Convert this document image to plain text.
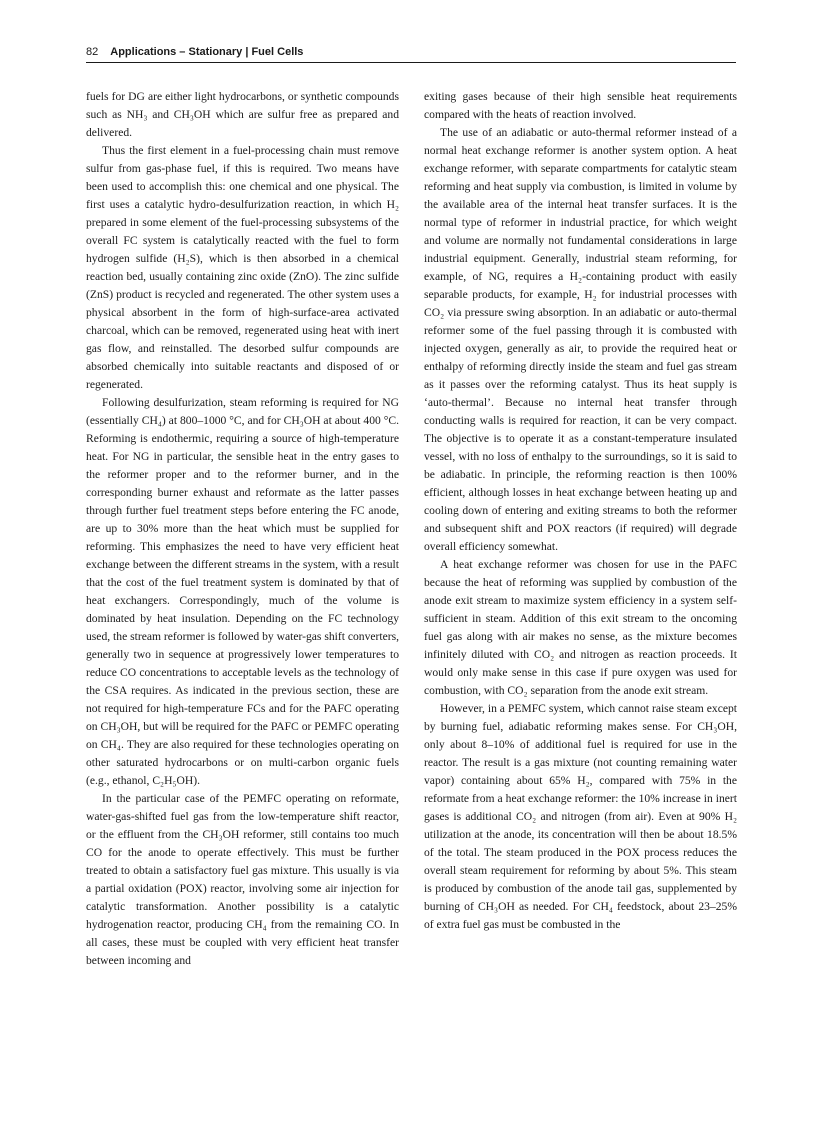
82 Applications – Stationary | Fuel Cells

fuels for DG are either light hydrocarbons, or synthetic compounds such as NH₃ and CH₃OH which are sulfur free as prepared and delivered.

Thus the first element in a fuel-processing chain must remove sulfur from gas-phase fuel, if this is required. Two means have been used to accomplish this: one chemical and one physical. The first uses a catalytic hydro-desulfurization reaction, in which H₂ prepared in some element of the fuel-processing subsystems of the overall FC system is catalytically reacted with the fuel to form hydrogen sulfide (H₂S), which is then absorbed in a chemical reaction bed, usually containing zinc oxide (ZnO). The zinc sulfide (ZnS) product is recycled and regenerated. The other system uses a physical absorbent in the form of high-surface-area activated charcoal, which can be removed, regenerated using heat with inert gas flow, and reinstalled. The desorbed sulfur compounds are absorbed chemically into suitable reactants and disposed of or regenerated.

Following desulfurization, steam reforming is required for NG (essentially CH₄) at 800–1000 °C, and for CH₃OH at about 400 °C. Reforming is endothermic, requiring a source of high-temperature heat. For NG in particular, the sensible heat in the entry gases to the reformer proper and to the reformer burner, and in the corresponding burner exhaust and reformate as the latter passes through further fuel treatment steps before entering the FC anode, are up to 30% more than the heat which must be supplied for reforming. This emphasizes the need to have very efficient heat exchange between the different streams in the system, with a result that the cost of the fuel treatment system is dominated by that of heat exchangers. Correspondingly, much of the volume is dominated by heat insulation. Depending on the FC technology used, the stream reformer is followed by water-gas shift converters, generally two in sequence at progressively lower temperatures to reduce CO concentrations to acceptable levels as the technology of the CSA requires. As indicated in the previous section, these are not required for high-temperature FCs and for the PAFC operating on CH₃OH, but will be required for the PAFC or PEMFC operating on CH₄. They are also required for these technologies operating on other saturated hydrocarbons or on multi-carbon organic fuels (e.g., ethanol, C₂H₅OH).

In the particular case of the PEMFC operating on reformate, water-gas-shifted fuel gas from the low-temperature shift reactor, or the effluent from the CH₃OH reformer, still contains too much CO for the anode to operate effectively. This must be further treated to obtain a satisfactory fuel gas mixture. This usually is via a partial oxidation (POX) reactor, involving some air injection for catalytic transformation. Another possibility is a catalytic hydrogenation reactor, producing CH₄ from the remaining CO. In all cases, these must be coupled with very efficient heat transfer between incoming and

exiting gases because of their high sensible heat requirements compared with the heats of reaction involved.

The use of an adiabatic or auto-thermal reformer instead of a normal heat exchange reformer is another system option. A heat exchange reformer, with separate compartments for catalytic steam reforming and heat supply via combustion, is limited in volume by the available area of the internal heat transfer surfaces. It is the normal type of reformer in industrial practice, for which weight and volume are normally not fundamental considerations in large industrial equipment. Generally, industrial steam reforming, for example, of NG, requires a H₂-containing product with easily separable products, for example, H₂ for industrial processes with CO₂ via pressure swing absorption. In an adiabatic or auto-thermal reformer some of the fuel passing through it is combusted with injected oxygen, generally as air, to provide the required heat or enthalpy of reforming directly inside the steam and fuel gas stream as it passes over the reforming catalyst. Thus its heat supply is ‘auto-thermal’. Because no internal heat transfer through conducting walls is required for reaction, it can be very compact. The objective is to operate it as a constant-temperature insulated vessel, with no loss of enthalpy to the surroundings, so it is said to be adiabatic. In principle, the reforming reaction is then 100% efficient, although losses in heat exchange between heating up and cooling down of entering and exiting streams to both the reformer and subsequent shift and POX reactors (if required) will degrade overall efficiency somewhat.

A heat exchange reformer was chosen for use in the PAFC because the heat of reforming was supplied by combustion of the anode exit stream to maximize system efficiency in a system self-sufficient in steam. Addition of this exit stream to the oncoming fuel gas along with air makes no sense, as the mixture becomes infinitely diluted with CO₂ and nitrogen as reaction proceeds. It would only make sense in this case if pure oxygen was used for combustion, with CO₂ separation from the anode exit stream.

However, in a PEMFC system, which cannot raise steam except by burning fuel, adiabatic reforming makes sense. For CH₃OH, only about 8–10% of additional fuel is required for use in the reactor. The result is a gas mixture (not counting remaining water vapor) containing about 65% H₂, compared with 75% in the reformate from a heat exchange reformer: the 10% increase in inert gases is additional CO₂ and nitrogen (from air). Even at 90% H₂ utilization at the anode, its concentration will then be about 18.5% of the total. The steam produced in the POX process reduces the overall steam requirement for reforming by about 5%. This steam is produced by combustion of the anode tail gas, supplemented by burning of CH₃OH as needed. For CH₄ feedstock, about 23–25% of extra fuel gas must be combusted in the
